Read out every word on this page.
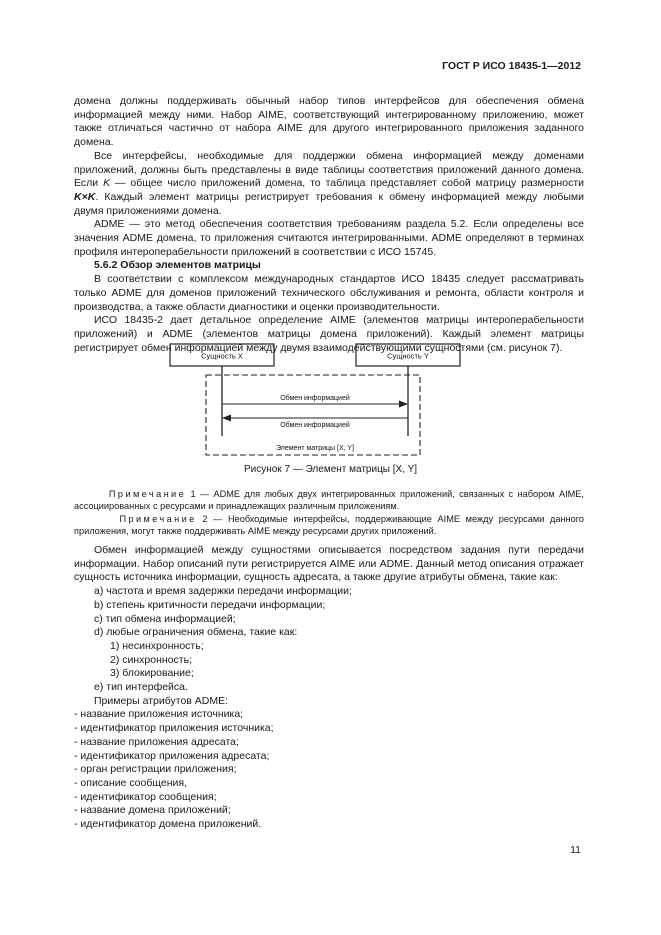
ГОСТ Р ИСО 18435-1—2012

домена должны поддерживать обычный набор типов интерфейсов для обеспечения обмена информацией между ними. Набор AIME, соответствующий интегрированному приложению, может также отличаться частично от набора AIME для другого интегрированного приложения заданного домена.

Все интерфейсы, необходимые для поддержки обмена информацией между доменами приложений, должны быть представлены в виде таблицы соответствия приложений данного домена. Если K — общее число приложений домена, то таблица представляет собой матрицу размерности K×K. Каждый элемент матрицы регистрирует требования к обмену информацией между любыми двумя приложениями домена.

ADME — это метод обеспечения соответствия требованиям раздела 5.2. Если определены все значения ADME домена, то приложения считаются интегрированными. ADME определяют в терминах профиля интероперабельности приложений в соответствии с ИСО 15745.

5.6.2 Обзор элементов матрицы

В соответствии с комплексом международных стандартов ИСО 18435 следует рассматривать только ADME для доменов приложений технического обслуживания и ремонта, области контроля и производства, а также области диагностики и оценки производительности.

ИСО 18435-2 дает детальное определение AIME (элементов матрицы интероперабельности приложений) и ADME (элементов матрицы домена приложений). Каждый элемент матрицы регистрирует обмен информацией между двумя взаимодействующими сущностями (см. рисунок 7).

Сущность X	Сущность Y
Обмен информацией
Обмен информацией
Элемент матрицы [X, Y]
Рисунок 7 — Элемент матрицы [X, Y]

Примечание 1 — ADME для любых двух интегрированных приложений, связанных с набором AIME, ассоциированных с ресурсами и принадлежащих различным приложениям.

Примечание 2 — Необходимые интерфейсы, поддерживающие AIME между ресурсами данного приложения, могут также поддерживать AIME между ресурсами других приложений.

Обмен информацией между сущностями описывается посредством задания пути передачи информации. Набор описаний пути регистрируется AIME или ADME. Данный метод описания отражает сущность источника информации, сущность адресата, а также другие атрибуты обмена, такие как:

a) частота и время задержки передачи информации;

b) степень критичности передачи информации;

c) тип обмена информацией;

d) любые ограничения обмена, такие как:

1) несинхронность;

2) синхронность;

3) блокирование;

e) тип интерфейса.

Примеры атрибутов ADME:

- название приложения источника;

- идентификатор приложения источника;

- название приложения адресата;

- идентификатор приложения адресата;

- орган регистрации приложения;

- описание сообщения,

- идентификатор сообщения;

- название домена приложений;

- идентификатор домена приложений.

11
